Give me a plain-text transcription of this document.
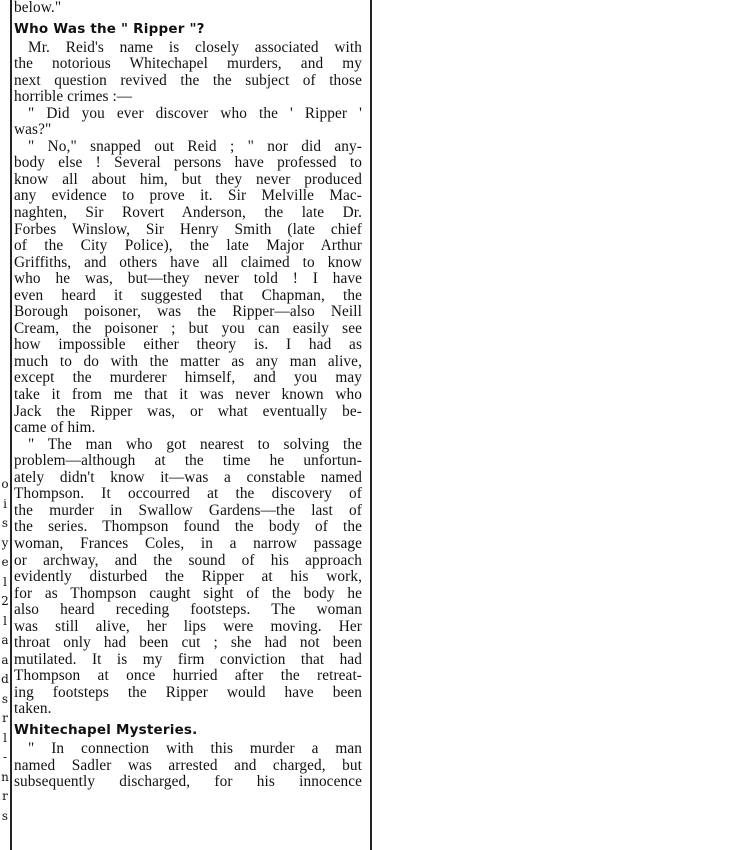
o
i
s
y
e
l
2
l
a
a
d
s
r
l
-
n
r
s
below."
Who Was the " Ripper "?
Mr. Reid's name is closely associated with
the notorious Whitechapel murders, and my
next question revived the the subject of those
horrible crimes :—
" Did you ever discover who the ' Ripper '
was?"
" No," snapped out Reid ; " nor did any-
body else ! Several persons have professed to
know all about him, but they never produced
any evidence to prove it. Sir Melville Mac-
naghten, Sir Rovert Anderson, the late Dr.
Forbes Winslow, Sir Henry Smith (late chief
of the City Police), the late Major Arthur
Griffiths, and others have all claimed to know
who he was, but—they never told ! I have
even heard it suggested that Chapman, the
Borough poisoner, was the Ripper—also Neill
Cream, the poisoner ; but you can easily see
how impossible either theory is. I had as
much to do with the matter as any man alive,
except the murderer himself, and you may
take it from me that it was never known who
Jack the Ripper was, or what eventually be-
came of him.
" The man who got nearest to solving the
problem—although at the time he unfortun-
ately didn't know it—was a constable named
Thompson. It occourred at the discovery of
the murder in Swallow Gardens—the last of
the series. Thompson found the body of the
woman, Frances Coles, in a narrow passage
or archway, and the sound of his approach
evidently disturbed the Ripper at his work,
for as Thompson caught sight of the body he
also heard receding footsteps. The woman
was still alive, her lips were moving. Her
throat only had been cut ; she had not been
mutilated. It is my firm conviction that had
Thompson at once hurried after the retreat-
ing footsteps the Ripper would have been
taken.
Whitechapel Mysteries.
" In connection with this murder a man
named Sadler was arrested and charged, but
subsequently discharged, for his innocence
